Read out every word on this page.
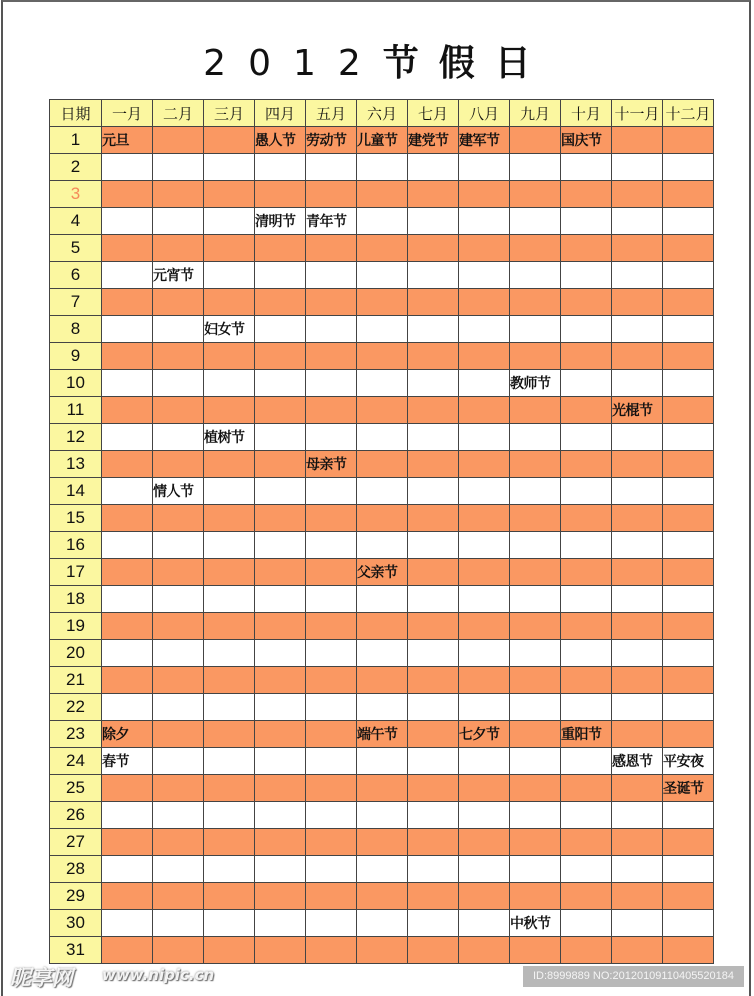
2012节假日
日期	一月	二月	三月	四月	五月	六月	七月	八月	九月	十月	十一月	十二月
1	元旦			愚人节	劳动节	儿童节	建党节	建军节		国庆节		
2												
3												
4				清明节	青年节							
5												
6		元宵节										
7												
8			妇女节									
9												
10									教师节			
11											光棍节	
12			植树节									
13					母亲节							
14		情人节										
15												
16												
17						父亲节						
18												
19												
20												
21												
22												
23	除夕					端午节		七夕节		重阳节		
24	春节										感恩节	平安夜
25												圣诞节
26												
27												
28												
29												
30									中秋节			
31												
昵享网 www.nipic.cn	ID:8999889 NO:20120109110405520184
